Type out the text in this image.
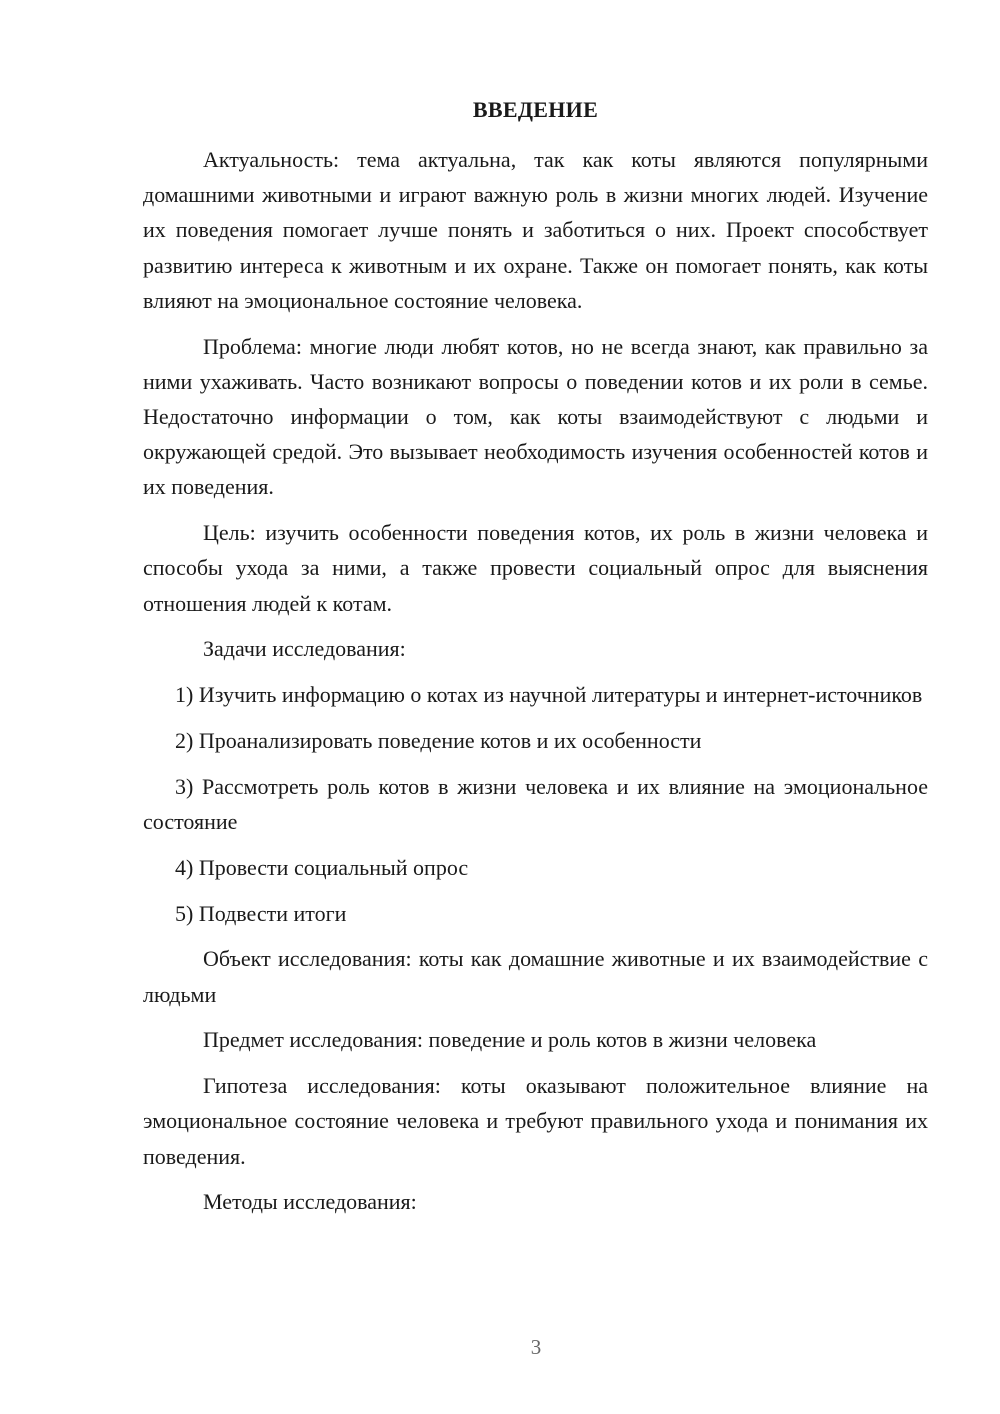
ВВЕДЕНИЕ

Актуальность: тема актуальна, так как коты являются популярными домашними животными и играют важную роль в жизни многих людей. Изучение их поведения помогает лучше понять и заботиться о них. Проект способствует развитию интереса к животным и их охране. Также он помогает понять, как коты влияют на эмоциональное состояние человека.

Проблема: многие люди любят котов, но не всегда знают, как правильно за ними ухаживать. Часто возникают вопросы о поведении котов и их роли в семье. Недостаточно информации о том, как коты взаимодействуют с людьми и окружающей средой. Это вызывает необходимость изучения особенностей котов и их поведения.

Цель: изучить особенности поведения котов, их роль в жизни человека и способы ухода за ними, а также провести социальный опрос для выяснения отношения людей к котам.

Задачи исследования:

1) Изучить информацию о котах из научной литературы и интернет-источников

2) Проанализировать поведение котов и их особенности

3) Рассмотреть роль котов в жизни человека и их влияние на эмоциональное состояние

4) Провести социальный опрос

5) Подвести итоги

Объект исследования: коты как домашние животные и их взаимодействие с людьми

Предмет исследования: поведение и роль котов в жизни человека

Гипотеза исследования: коты оказывают положительное влияние на эмоциональное состояние человека и требуют правильного ухода и понимания их поведения.

Методы исследования:

3
